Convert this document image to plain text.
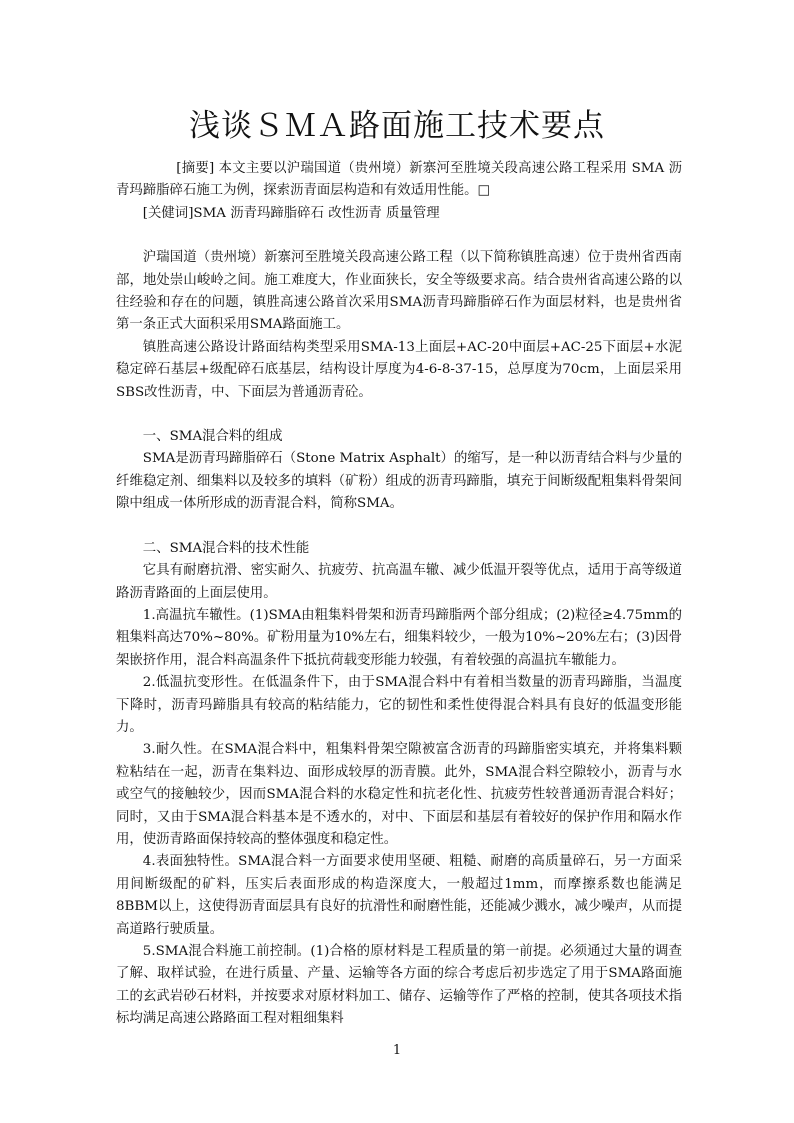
浅谈ＳＭＡ路面施工技术要点

[摘要] 本文主要以沪瑞国道（贵州境）新寨河至胜境关段高速公路工程采用 SMA 沥青玛蹄脂碎石施工为例，探索沥青面层构造和有效适用性能。□

[关健词]SMA 沥青玛蹄脂碎石 改性沥青 质量管理

沪瑞国道（贵州境）新寨河至胜境关段高速公路工程（以下简称镇胜高速）位于贵州省西南部，地处崇山峻岭之间。施工难度大，作业面狭长，安全等级要求高。结合贵州省高速公路的以往经验和存在的问题，镇胜高速公路首次采用SMA沥青玛蹄脂碎石作为面层材料，也是贵州省第一条正式大面积采用SMA路面施工。

镇胜高速公路设计路面结构类型采用SMA-13上面层+AC-20中面层+AC-25下面层+水泥稳定碎石基层+级配碎石底基层，结构设计厚度为4-6-8-37-15，总厚度为70cm，上面层采用SBS改性沥青，中、下面层为普通沥青砼。

一、SMA混合料的组成

SMA是沥青玛蹄脂碎石（Stone Matrix Asphalt）的缩写，是一种以沥青结合料与少量的纤维稳定剂、细集料以及较多的填料（矿粉）组成的沥青玛蹄脂，填充于间断级配粗集料骨架间隙中组成一体所形成的沥青混合料，简称SMA。

二、SMA混合料的技术性能

它具有耐磨抗滑、密实耐久、抗疲劳、抗高温车辙、减少低温开裂等优点，适用于高等级道路沥青路面的上面层使用。

1.高温抗车辙性。(1)SMA由粗集料骨架和沥青玛蹄脂两个部分组成；(2)粒径≥4.75mm的粗集料高达70%~80%。矿粉用量为10%左右，细集料较少，一般为10%~20%左右；(3)因骨架嵌挤作用，混合料高温条件下抵抗荷载变形能力较强，有着较强的高温抗车辙能力。

2.低温抗变形性。在低温条件下，由于SMA混合料中有着相当数量的沥青玛蹄脂，当温度下降时，沥青玛蹄脂具有较高的粘结能力，它的韧性和柔性使得混合料具有良好的低温变形能力。

3.耐久性。在SMA混合料中，粗集料骨架空隙被富含沥青的玛蹄脂密实填充，并将集料颗粒粘结在一起，沥青在集料边、面形成较厚的沥青膜。此外，SMA混合料空隙较小，沥青与水或空气的接触较少，因而SMA混合料的水稳定性和抗老化性、抗疲劳性较普通沥青混合料好；同时，又由于SMA混合料基本是不透水的，对中、下面层和基层有着较好的保护作用和隔水作用，使沥青路面保持较高的整体强度和稳定性。

4.表面独特性。SMA混合料一方面要求使用坚硬、粗糙、耐磨的高质量碎石，另一方面采用间断级配的矿料，压实后表面形成的构造深度大，一般超过1mm，而摩擦系数也能满足8BBM以上，这使得沥青面层具有良好的抗滑性和耐磨性能，还能减少溅水，减少噪声，从而提高道路行驶质量。

5.SMA混合料施工前控制。(1)合格的原材料是工程质量的第一前提。必须通过大量的调查了解、取样试验，在进行质量、产量、运输等各方面的综合考虑后初步选定了用于SMA路面施工的玄武岩砂石材料，并按要求对原材料加工、储存、运输等作了严格的控制，使其各项技术指标均满足高速公路路面工程对粗细集料

1
